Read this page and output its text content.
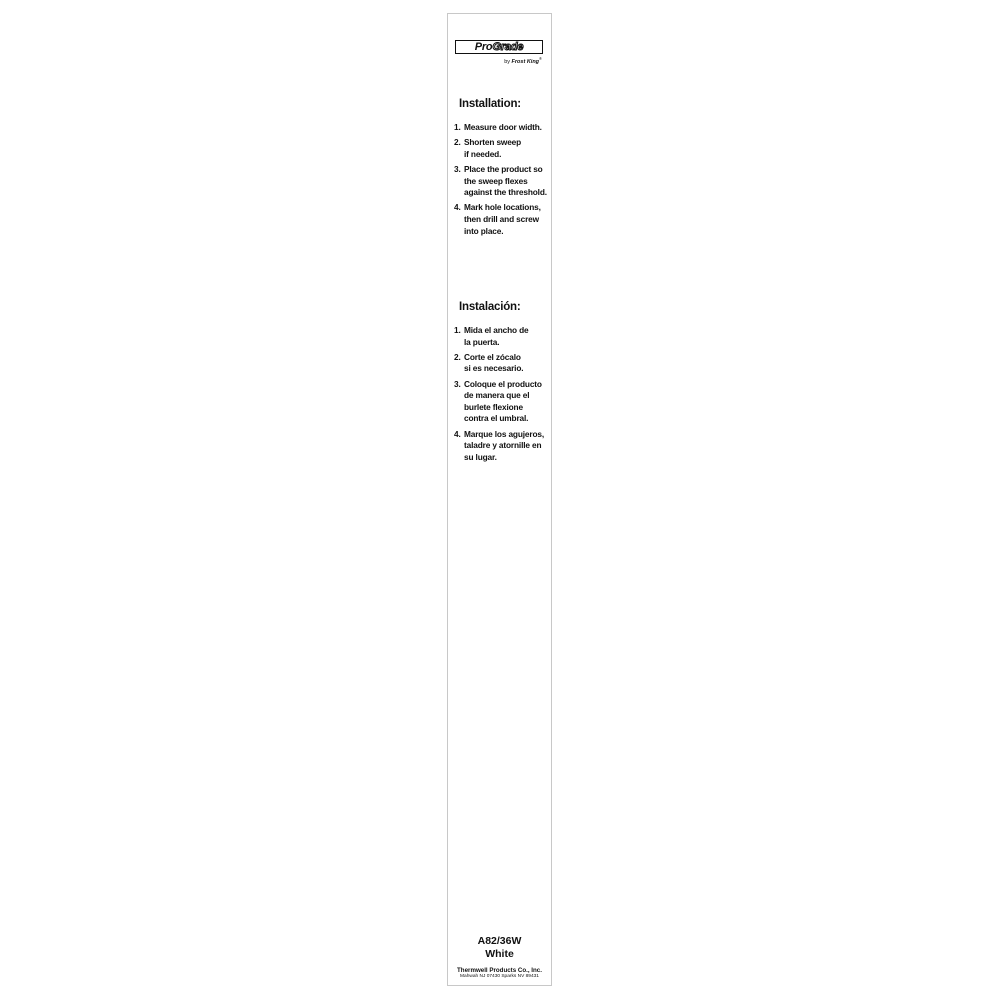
Pro Grade
by Frost King®
Installation:
1. Measure door width.
2. Shorten sweep
if needed.
3. Place the product so
the sweep flexes
against the threshold.
4. Mark hole locations,
then drill and screw
into place.
Instalación:
1. Mida el ancho de
la puerta.
2. Corte el zócalo
si es necesario.
3. Coloque el producto
de manera que el
burlete flexione
contra el umbral.
4. Marque los agujeros,
taladre y atornille en
su lugar.
A82/36W
White
Thermwell Products Co., Inc.
Mahwah NJ 07430 Sparks NV 89431
